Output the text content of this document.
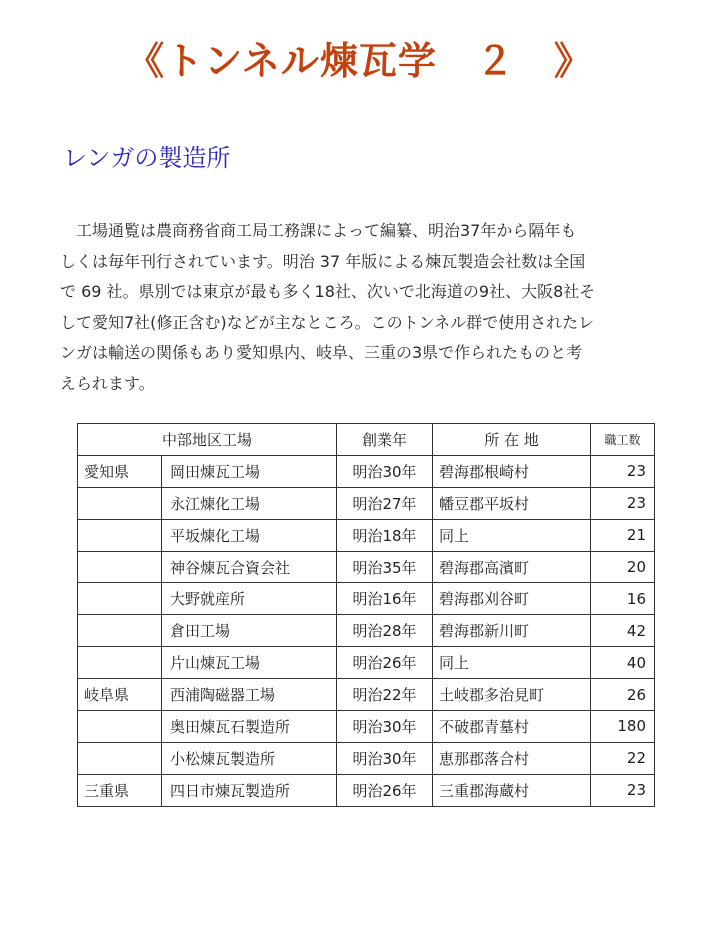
《トンネル煉瓦学　２　》
レンガの製造所

　工場通覧は農商務省商工局工務課によって編纂、明治37年から隔年も
しくは毎年刊行されています。明治 37 年版による煉瓦製造会社数は全国
で 69 社。県別では東京が最も多く18社、次いで北海道の9社、大阪8社そ
して愛知7社(修正含む)などが主なところ。このトンネル群で使用されたレ
ンガは輸送の関係もあり愛知県内、岐阜、三重の3県で作られたものと考
えられます。

中部地区工場		創業年	所 在 地	職工数
愛知県	岡田煉瓦工場	明治30年	碧海郡根崎村	23
	永江煉化工場	明治27年	幡豆郡平坂村	23
	平坂煉化工場	明治18年	同上	21
	神谷煉瓦合資会社	明治35年	碧海郡高濱町	20
	大野就産所	明治16年	碧海郡刈谷町	16
	倉田工場	明治28年	碧海郡新川町	42
	片山煉瓦工場	明治26年	同上	40
岐阜県	西浦陶磁器工場	明治22年	土岐郡多治見町	26
	奥田煉瓦石製造所	明治30年	不破郡青墓村	180
	小松煉瓦製造所	明治30年	恵那郡落合村	22
三重県	四日市煉瓦製造所	明治26年	三重郡海蔵村	23
